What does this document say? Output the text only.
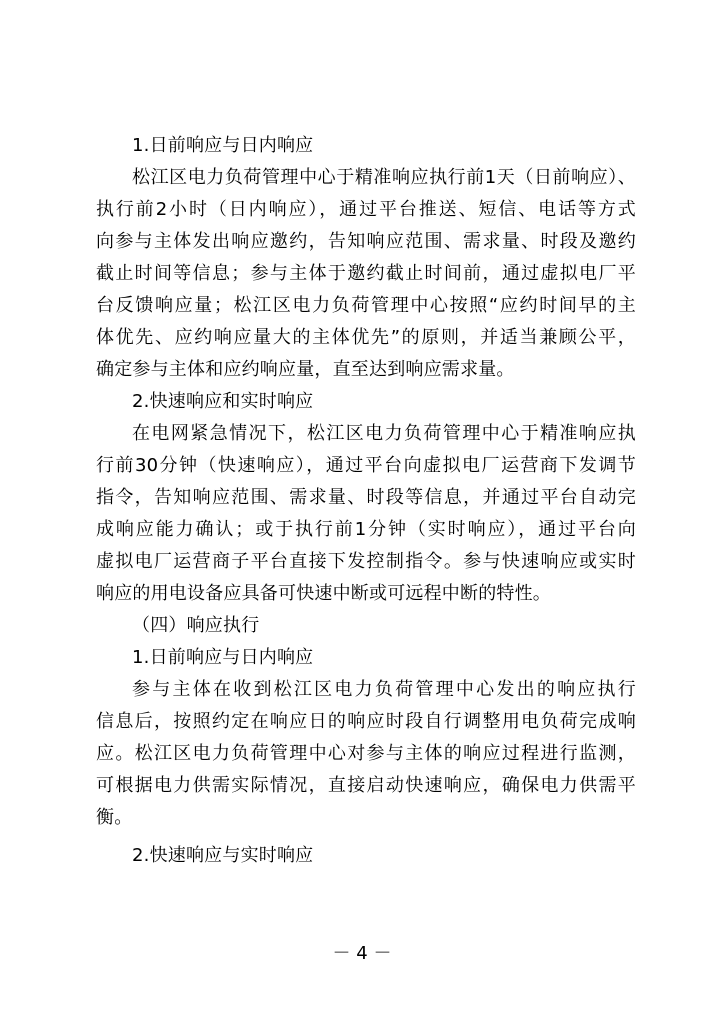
1.日前响应与日内响应
松江区电力负荷管理中心于精准响应执行前1天（日前响应）、
执行前2小时（日内响应），通过平台推送、短信、电话等方式
向参与主体发出响应邀约，告知响应范围、需求量、时段及邀约
截止时间等信息；参与主体于邀约截止时间前，通过虚拟电厂平
台反馈响应量；松江区电力负荷管理中心按照“应约时间早的主
体优先、应约响应量大的主体优先”的原则，并适当兼顾公平，
确定参与主体和应约响应量，直至达到响应需求量。
2.快速响应和实时响应
在电网紧急情况下，松江区电力负荷管理中心于精准响应执
行前30分钟（快速响应），通过平台向虚拟电厂运营商下发调节
指令，告知响应范围、需求量、时段等信息，并通过平台自动完
成响应能力确认；或于执行前1分钟（实时响应），通过平台向
虚拟电厂运营商子平台直接下发控制指令。参与快速响应或实时
响应的用电设备应具备可快速中断或可远程中断的特性。
（四）响应执行
1.日前响应与日内响应
参与主体在收到松江区电力负荷管理中心发出的响应执行
信息后，按照约定在响应日的响应时段自行调整用电负荷完成响
应。松江区电力负荷管理中心对参与主体的响应过程进行监测，
可根据电力供需实际情况，直接启动快速响应，确保电力供需平
衡。
2.快速响应与实时响应
－ 4 －
